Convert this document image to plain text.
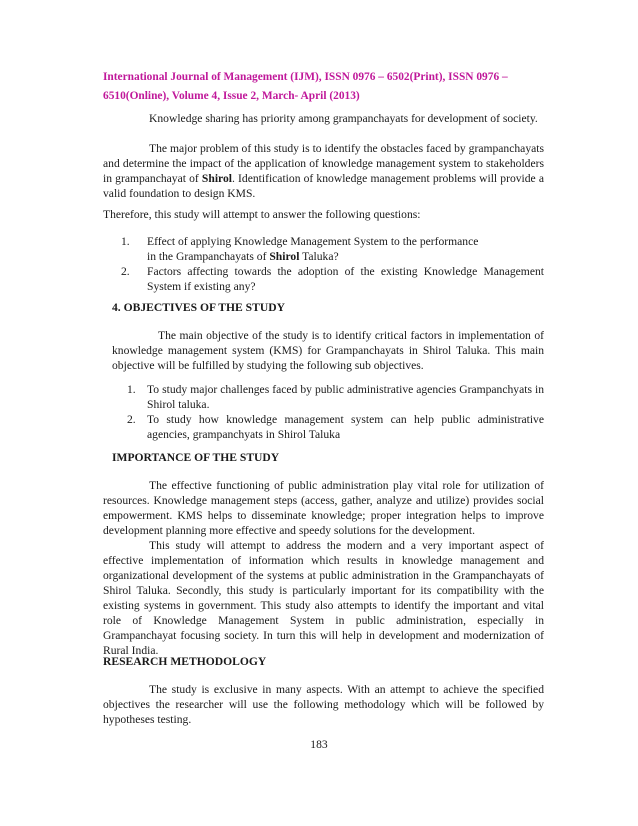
International Journal of Management (IJM), ISSN 0976 – 6502(Print), ISSN 0976 –
6510(Online), Volume 4, Issue 2, March- April (2013)
Knowledge sharing has priority among grampanchayats for development of society.
The major problem of this study is to identify the obstacles faced by grampanchayats and determine the impact of the application of knowledge management system to stakeholders in grampanchayat of Shirol. Identification of knowledge management problems will provide a valid foundation to design KMS.
Therefore, this study will attempt to answer the following questions:
1. Effect of applying Knowledge Management System to the performance
in the Grampanchayats of Shirol Taluka?
2. Factors affecting towards the adoption of the existing Knowledge Management System if existing any?
4. OBJECTIVES OF THE STUDY
The main objective of the study is to identify critical factors in implementation of knowledge management system (KMS) for Grampanchayats in Shirol Taluka. This main objective will be fulfilled by studying the following sub objectives.
1. To study major challenges faced by public administrative agencies Grampanchyats in Shirol taluka.
2. To study how knowledge management system can help public administrative agencies, grampanchyats in Shirol Taluka
IMPORTANCE OF THE STUDY
The effective functioning of public administration play vital role for utilization of resources. Knowledge management steps (access, gather, analyze and utilize) provides social empowerment. KMS helps to disseminate knowledge; proper integration helps to improve development planning more effective and speedy solutions for the development.
This study will attempt to address the modern and a very important aspect of effective implementation of information which results in knowledge management and organizational development of the systems at public administration in the Grampanchayats of Shirol Taluka. Secondly, this study is particularly important for its compatibility with the existing systems in government. This study also attempts to identify the important and vital role of Knowledge Management System in public administration, especially in Grampanchayat focusing society. In turn this will help in development and modernization of Rural India.
RESEARCH METHODOLOGY
The study is exclusive in many aspects. With an attempt to achieve the specified objectives the researcher will use the following methodology which will be followed by hypotheses testing.
183
